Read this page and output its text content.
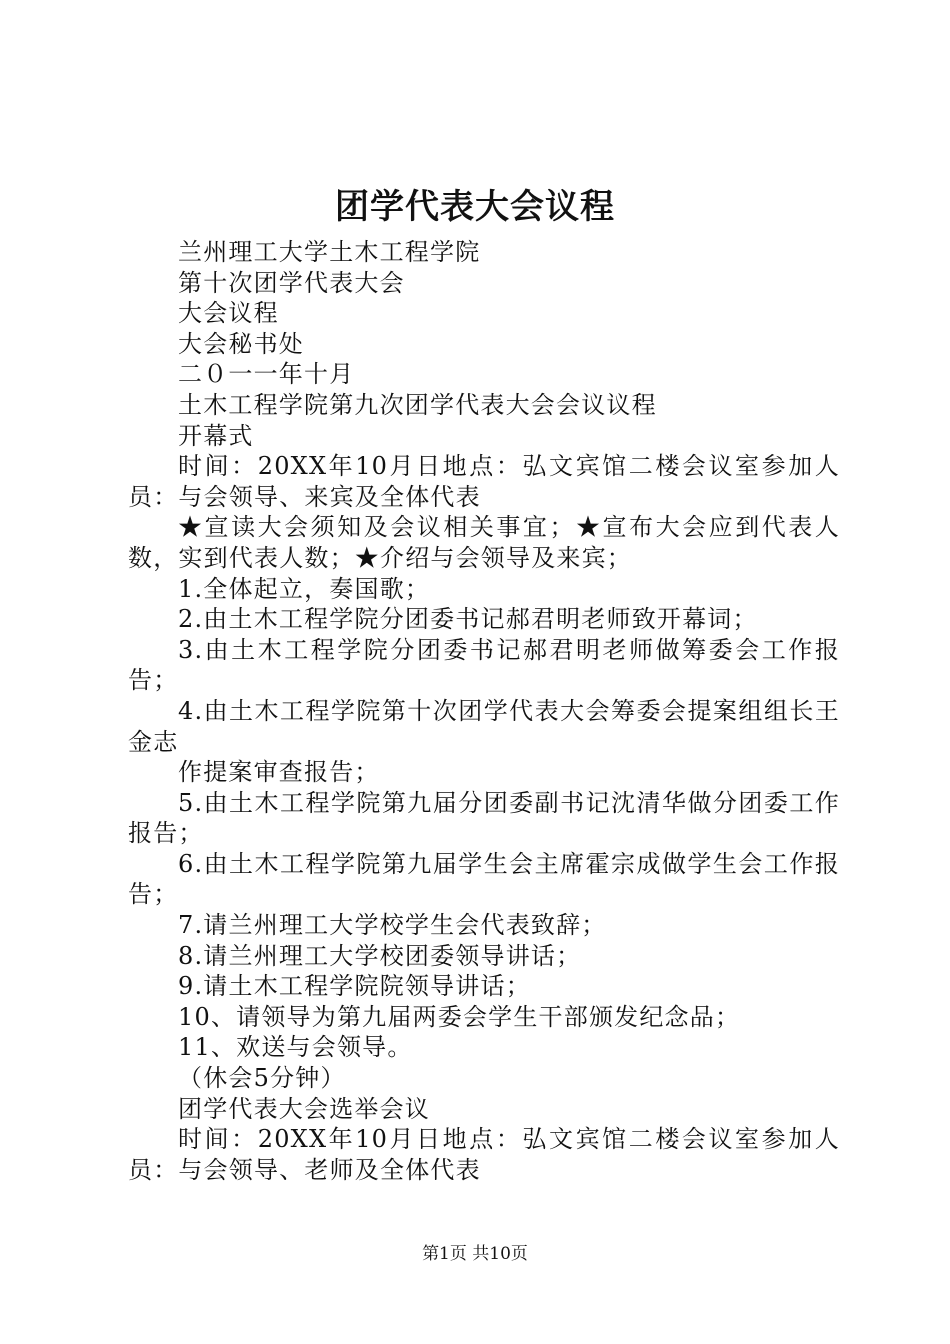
团学代表大会议程

兰州理工大学土木工程学院

第十次团学代表大会

大会议程

大会秘书处

二０一一年十月

土木工程学院第九次团学代表大会会议议程

开幕式

时间：20XX年10月日地点：弘文宾馆二楼会议室参加人员：与会领导、来宾及全体代表

★宣读大会须知及会议相关事宜；★宣布大会应到代表人数，实到代表人数；★介绍与会领导及来宾；

1.全体起立，奏国歌；

2.由土木工程学院分团委书记郝君明老师致开幕词；

3.由土木工程学院分团委书记郝君明老师做筹委会工作报告；

4.由土木工程学院第十次团学代表大会筹委会提案组组长王金志

作提案审查报告；

5.由土木工程学院第九届分团委副书记沈清华做分团委工作报告；

6.由土木工程学院第九届学生会主席霍宗成做学生会工作报告；

7.请兰州理工大学校学生会代表致辞；

8.请兰州理工大学校团委领导讲话；

9.请土木工程学院院领导讲话；

10、请领导为第九届两委会学生干部颁发纪念品；

11、欢送与会领导。

（休会5分钟）

团学代表大会选举会议

时间：20XX年10月日地点：弘文宾馆二楼会议室参加人员：与会领导、老师及全体代表

第1页 共10页
